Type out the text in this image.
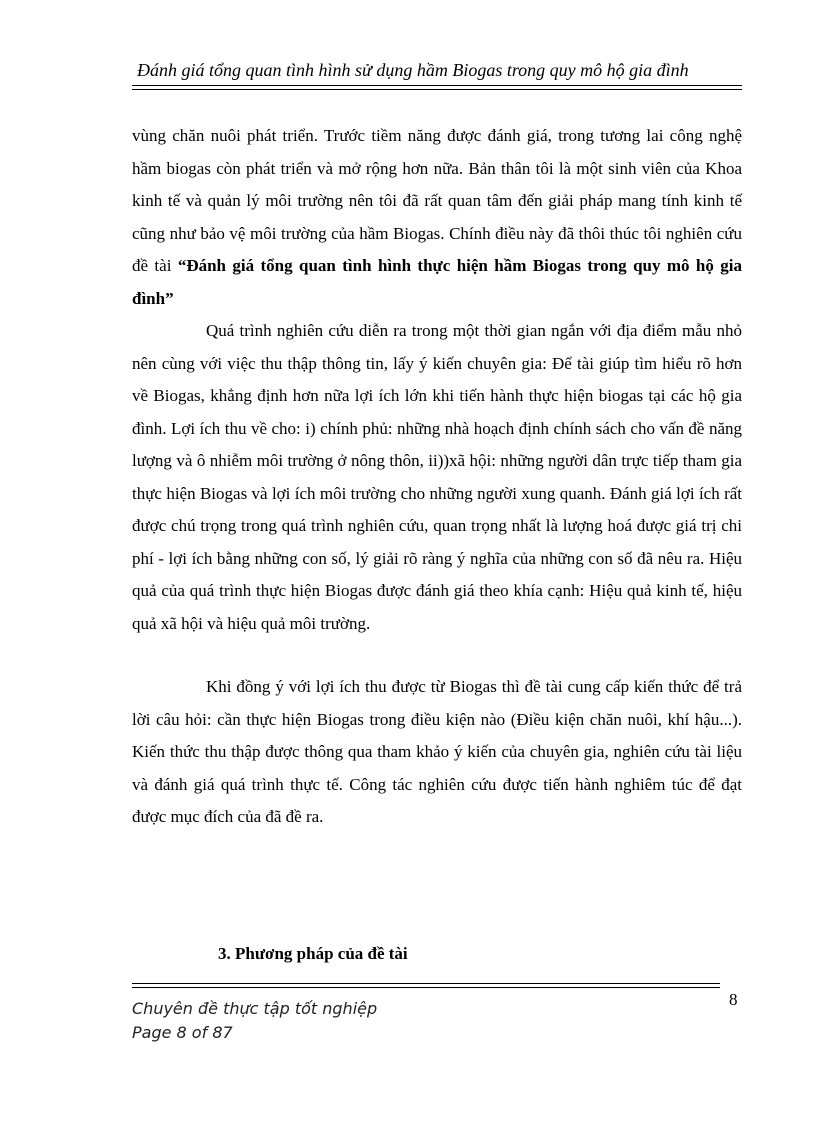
Đánh giá tổng quan tình hình sử dụng hầm Biogas trong quy mô hộ gia đình

vùng chăn nuôi phát triển. Trước tiềm năng được đánh giá, trong tương lai công nghệ hầm biogas còn phát triển và mở rộng hơn nữa. Bản thân tôi là một sinh viên của Khoa kinh tế và quản lý môi trường nên tôi đã rất quan tâm đến giải pháp mang tính kinh tế cũng như bảo vệ môi trường của hầm Biogas. Chính điều này đã thôi thúc tôi nghiên cứu đề tài “Đánh giá tổng quan tình hình thực hiện hầm Biogas trong quy mô hộ gia đình”

Quá trình nghiên cứu diễn ra trong một thời gian ngắn với địa điểm mẫu nhỏ nên cùng với việc thu thập thông tin, lấy ý kiến chuyên gia: Để tài giúp tìm hiểu rõ hơn về Biogas, khẳng định hơn nữa lợi ích lớn khi tiến hành thực hiện biogas tại các hộ gia đình. Lợi ích thu về cho: i) chính phủ: những nhà hoạch định chính sách cho vấn đề năng lượng và ô nhiễm môi trường ở nông thôn, ii))xã hội: những người dân trực tiếp tham gia thực hiện Biogas và lợi ích môi trường cho những người xung quanh. Đánh giá lợi ích rất được chú trọng trong quá trình nghiên cứu, quan trọng nhất là lượng hoá được giá trị chi phí - lợi ích bằng những con số, lý giải rõ ràng ý nghĩa của những con số đã nêu ra. Hiệu quả của quá trình thực hiện Biogas được đánh giá theo khía cạnh: Hiệu quả kinh tế, hiệu quả xã hội và hiệu quả môi trường.

Khi đồng ý với lợi ích thu được từ Biogas thì đề tài cung cấp kiến thức để trả lời câu hỏi: cần thực hiện Biogas trong điều kiện nào (Điều kiện chăn nuôi, khí hậu...). Kiến thức thu thập được thông qua tham khảo ý kiến của chuyên gia, nghiên cứu tài liệu và đánh giá quá trình thực tế. Công tác nghiên cứu được tiến hành nghiêm túc để đạt được mục đích của đã đề ra.

3. Phương pháp của đề tài
8
Chuyên đề thực tập tốt nghiệp
Page 8 of 87
